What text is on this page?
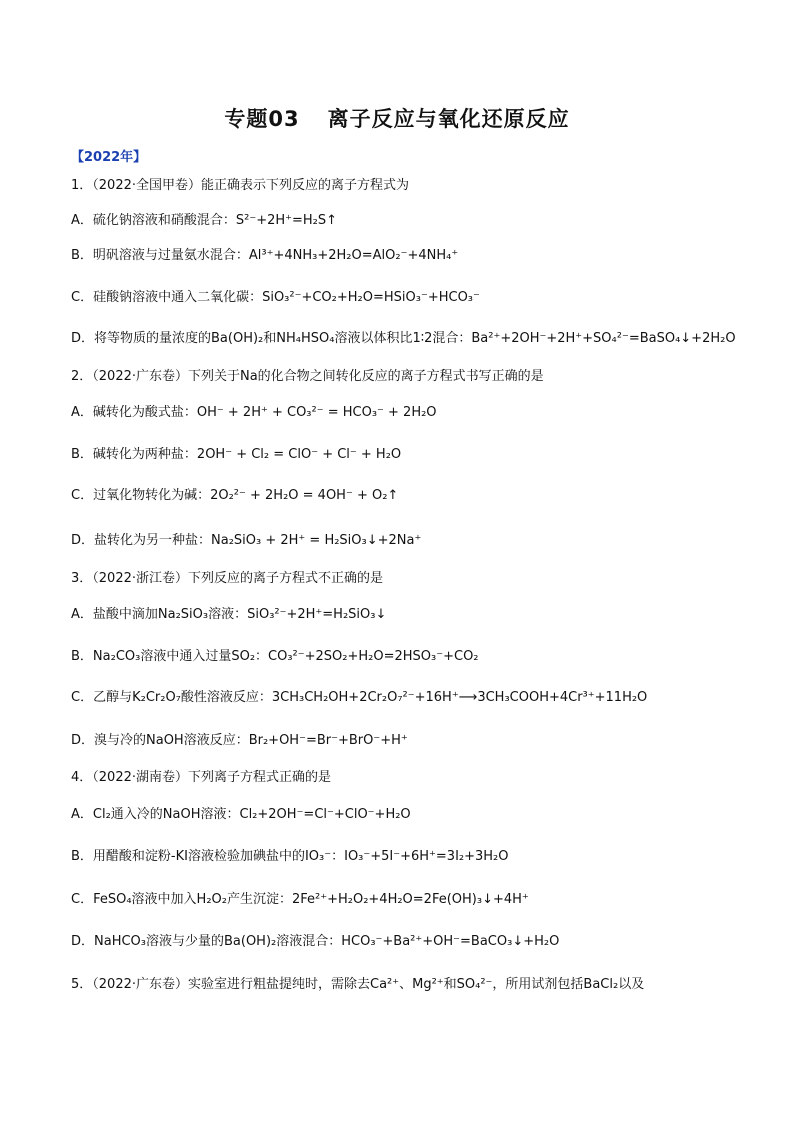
专题03 离子反应与氧化还原反应
【2022年】
1．（2022·全国甲卷）能正确表示下列反应的离子方程式为
A．硫化钠溶液和硝酸混合：S²⁻+2H⁺=H₂S↑
B．明矾溶液与过量氨水混合：Al³⁺+4NH₃+2H₂O=AlO₂⁻+4NH₄⁺
C．硅酸钠溶液中通入二氧化碳：SiO₃²⁻+CO₂+H₂O=HSiO₃⁻+HCO₃⁻
D．将等物质的量浓度的Ba(OH)₂和NH₄HSO₄溶液以体积比1∶2混合：Ba²⁺+2OH⁻+2H⁺+SO₄²⁻=BaSO₄↓+2H₂O
2．（2022·广东卷）下列关于Na的化合物之间转化反应的离子方程式书写正确的是
A．碱转化为酸式盐：OH⁻ + 2H⁺ + CO₃²⁻ = HCO₃⁻ + 2H₂O
B．碱转化为两种盐：2OH⁻ + Cl₂ = ClO⁻ + Cl⁻ + H₂O
C．过氧化物转化为碱：2O₂²⁻ + 2H₂O = 4OH⁻ + O₂↑
D．盐转化为另一种盐：Na₂SiO₃ + 2H⁺ = H₂SiO₃↓+2Na⁺
3．（2022·浙江卷）下列反应的离子方程式不正确的是
A．盐酸中滴加Na₂SiO₃溶液：SiO₃²⁻+2H⁺=H₂SiO₃↓
B．Na₂CO₃溶液中通入过量SO₂：CO₃²⁻+2SO₂+H₂O=2HSO₃⁻+CO₂
C．乙醇与K₂Cr₂O₇酸性溶液反应：3CH₃CH₂OH+2Cr₂O₇²⁻+16H⁺⟶3CH₃COOH+4Cr³⁺+11H₂O
D．溴与冷的NaOH溶液反应：Br₂+OH⁻=Br⁻+BrO⁻+H⁺
4．（2022·湖南卷）下列离子方程式正确的是
A．Cl₂通入冷的NaOH溶液：Cl₂+2OH⁻=Cl⁻+ClO⁻+H₂O
B．用醋酸和淀粉-KI溶液检验加碘盐中的IO₃⁻：IO₃⁻+5I⁻+6H⁺=3I₂+3H₂O
C．FeSO₄溶液中加入H₂O₂产生沉淀：2Fe²⁺+H₂O₂+4H₂O=2Fe(OH)₃↓+4H⁺
D．NaHCO₃溶液与少量的Ba(OH)₂溶液混合：HCO₃⁻+Ba²⁺+OH⁻=BaCO₃↓+H₂O
5．（2022·广东卷）实验室进行粗盐提纯时，需除去Ca²⁺、Mg²⁺和SO₄²⁻，所用试剂包括BaCl₂以及
